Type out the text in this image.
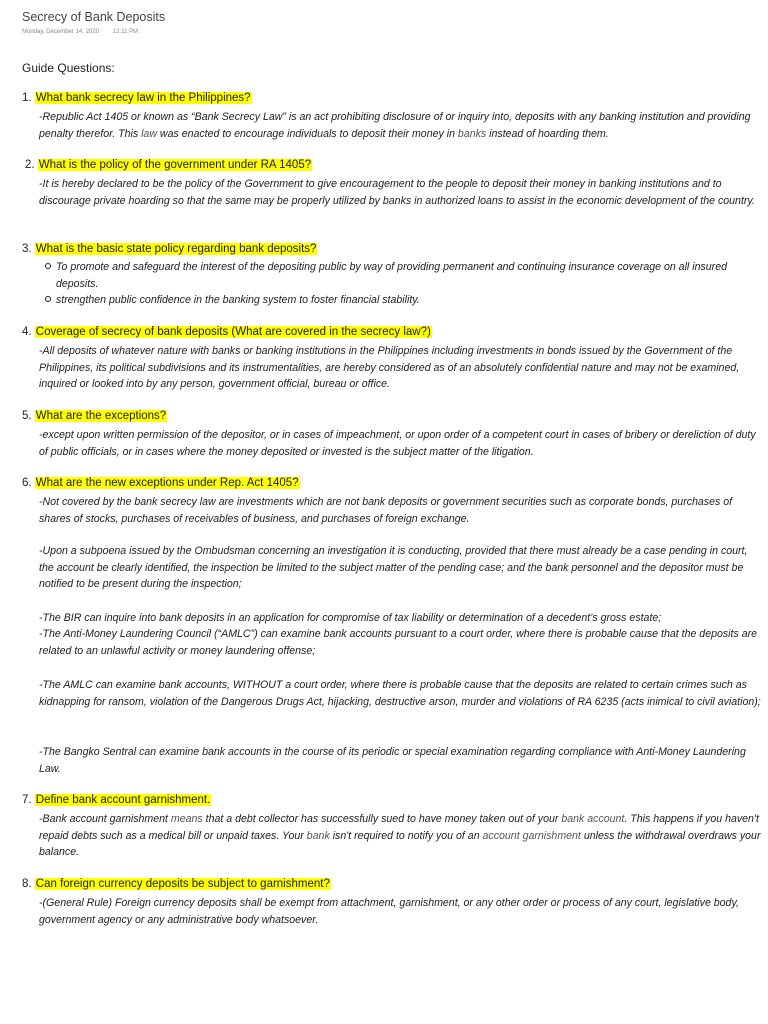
Secrecy of Bank Deposits
Monday, December 14, 2020 12:11 PM
Guide Questions:
1. What bank secrecy law in the Philippines?

-Republic Act 1405 or known as “Bank Secrecy Law” is an act prohibiting disclosure of or inquiry into, deposits with any banking institution and providing penalty therefor. This law was enacted to encourage individuals to deposit their money in banks instead of hoarding them.

2. What is the policy of the government under RA 1405?

-It is hereby declared to be the policy of the Government to give encouragement to the people to deposit their money in banking institutions and to discourage private hoarding so that the same may be properly utilized by banks in authorized loans to assist in the economic development of the country.

3. What is the basic state policy regarding bank deposits?
To promote and safeguard the interest of the depositing public by way of providing permanent and continuing insurance coverage on all insured deposits.
strengthen public confidence in the banking system to foster financial stability.
4. Coverage of secrecy of bank deposits (What are covered in the secrecy law?)

-All deposits of whatever nature with banks or banking institutions in the Philippines including investments in bonds issued by the Government of the Philippines, its political subdivisions and its instrumentalities, are hereby considered as of an absolutely confidential nature and may not be examined, inquired or looked into by any person, government official, bureau or office.

5. What are the exceptions?

-except upon written permission of the depositor, or in cases of impeachment, or upon order of a competent court in cases of bribery or dereliction of duty of public officials, or in cases where the money deposited or invested is the subject matter of the litigation.

6. What are the new exceptions under Rep. Act 1405?

-Not covered by the bank secrecy law are investments which are not bank deposits or government securities such as corporate bonds, purchases of shares of stocks, purchases of receivables of business, and purchases of foreign exchange.

-Upon a subpoena issued by the Ombudsman concerning an investigation it is conducting, provided that there must already be a case pending in court, the account be clearly identified, the inspection be limited to the subject matter of the pending case; and the bank personnel and the depositor must be notified to be present during the inspection;

-The BIR can inquire into bank deposits in an application for compromise of tax liability or determination of a decedent’s gross estate;

-The Anti-Money Laundering Council (“AMLC”) can examine bank accounts pursuant to a court order, where there is probable cause that the deposits are related to an unlawful activity or money laundering offense;

-The AMLC can examine bank accounts, WITHOUT a court order, where there is probable cause that the deposits are related to certain crimes such as kidnapping for ransom, violation of the Dangerous Drugs Act, hijacking, destructive arson, murder and violations of RA 6235 (acts inimical to civil aviation);

-The Bangko Sentral can examine bank accounts in the course of its periodic or special examination regarding compliance with Anti-Money Laundering Law.

7. Define bank account garnishment.

-Bank account garnishment means that a debt collector has successfully sued to have money taken out of your bank account. This happens if you haven't repaid debts such as a medical bill or unpaid taxes. Your bank isn't required to notify you of an account garnishment unless the withdrawal overdraws your balance.

8. Can foreign currency deposits be subject to garnishment?

-(General Rule) Foreign currency deposits shall be exempt from attachment, garnishment, or any other order or process of any court, legislative body, government agency or any administrative body whatsoever.
